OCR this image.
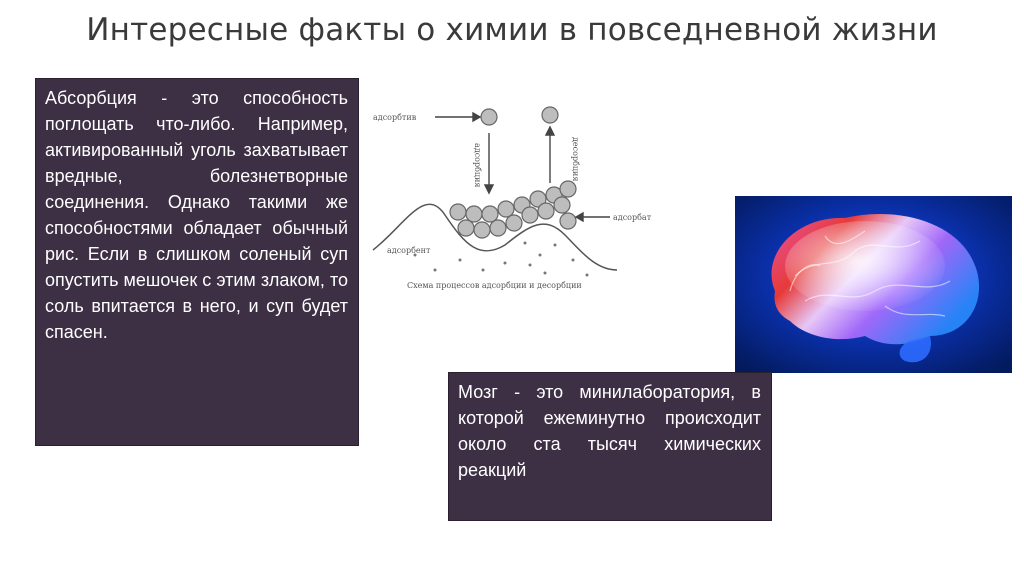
Интересные факты о химии в повседневной жизни
Абсорбция - это способность поглощать что-либо. Например, активированный уголь захватывает вредные, болезнетворные соединения. Однако такими же способностями обладает обычный рис. Если в слишком соленый суп опустить мешочек с этим злаком, то соль впитается в него, и суп будет спасен.
адсорбтив
адсорбат
адсорбент
адсорбция	десорбция
Схема процессов адсорбции и десорбции
Мозг - это минилаборатория, в которой ежеминутно происходит около ста тысяч химических реакций
